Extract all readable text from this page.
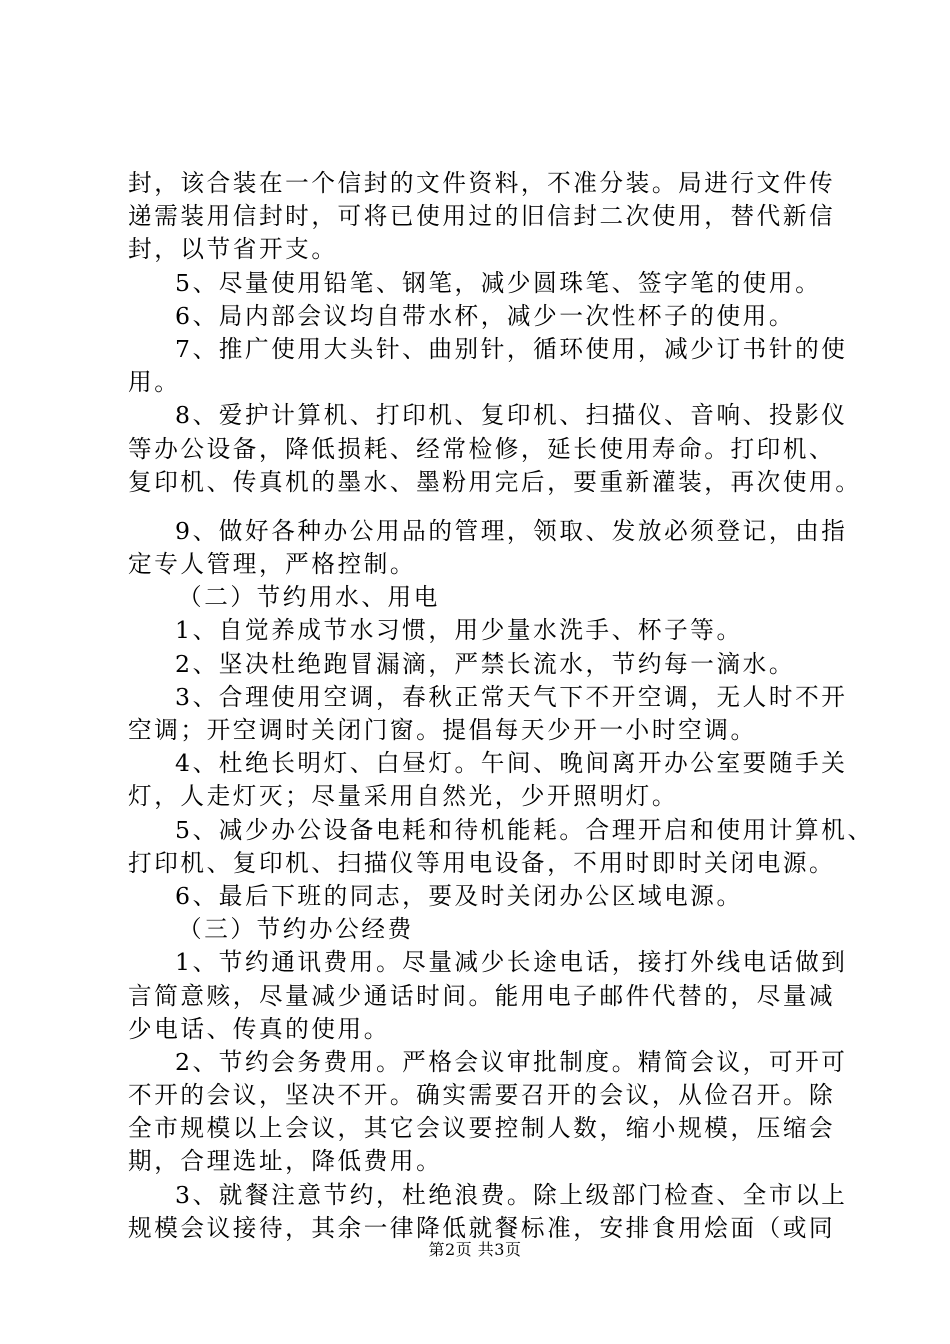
封，该合装在一个信封的文件资料，不准分装。局进行文件传
递需装用信封时，可将已使用过的旧信封二次使用，替代新信
封，以节省开支。
5、尽量使用铅笔、钢笔，减少圆珠笔、签字笔的使用。
6、局内部会议均自带水杯，减少一次性杯子的使用。
7、推广使用大头针、曲别针，循环使用，减少订书针的使
用。
8、爱护计算机、打印机、复印机、扫描仪、音响、投影仪
等办公设备，降低损耗、经常检修，延长使用寿命。打印机、
复印机、传真机的墨水、墨粉用完后，要重新灌装，再次使用。
9、做好各种办公用品的管理，领取、发放必须登记，由指
定专人管理，严格控制。
（二）节约用水、用电
1、自觉养成节水习惯，用少量水洗手、杯子等。
2、坚决杜绝跑冒漏滴，严禁长流水，节约每一滴水。
3、合理使用空调，春秋正常天气下不开空调，无人时不开
空调；开空调时关闭门窗。提倡每天少开一小时空调。
4、杜绝长明灯、白昼灯。午间、晚间离开办公室要随手关
灯，人走灯灭；尽量采用自然光，少开照明灯。
5、减少办公设备电耗和待机能耗。合理开启和使用计算机、
打印机、复印机、扫描仪等用电设备，不用时即时关闭电源。
6、最后下班的同志，要及时关闭办公区域电源。
（三）节约办公经费
1、节约通讯费用。尽量减少长途电话，接打外线电话做到
言简意赅，尽量减少通话时间。能用电子邮件代替的，尽量减
少电话、传真的使用。
2、节约会务费用。严格会议审批制度。精简会议，可开可
不开的会议，坚决不开。确实需要召开的会议，从俭召开。除
全市规模以上会议，其它会议要控制人数，缩小规模，压缩会
期，合理选址，降低费用。
3、就餐注意节约，杜绝浪费。除上级部门检查、全市以上
规模会议接待，其余一律降低就餐标准，安排食用烩面（或同
第2页 共3页
